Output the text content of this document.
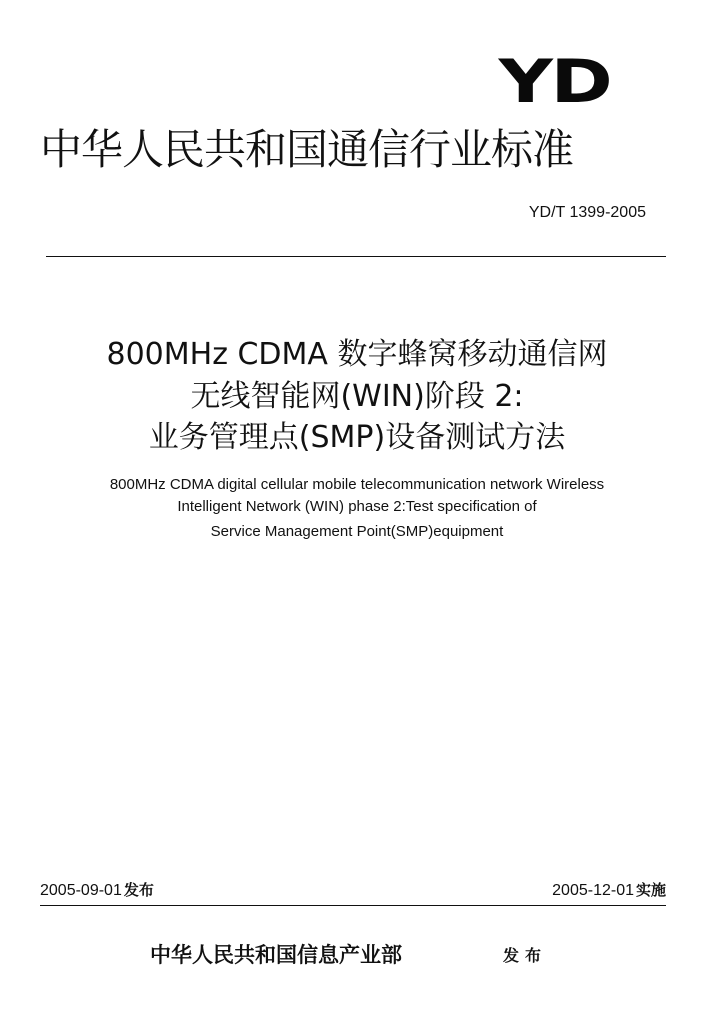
YD
中华人民共和国通信行业标准
YD/T 1399-2005
800MHz CDMA 数字蜂窝移动通信网
无线智能网(WIN)阶段 2:
业务管理点(SMP)设备测试方法
800MHz CDMA digital cellular mobile telecommunication network Wireless
Intelligent Network (WIN) phase 2:Test specification of
Service Management Point(SMP)equipment
2005-09-01 发布	2005-12-01 实施
中华人民共和国信息产业部	发布
